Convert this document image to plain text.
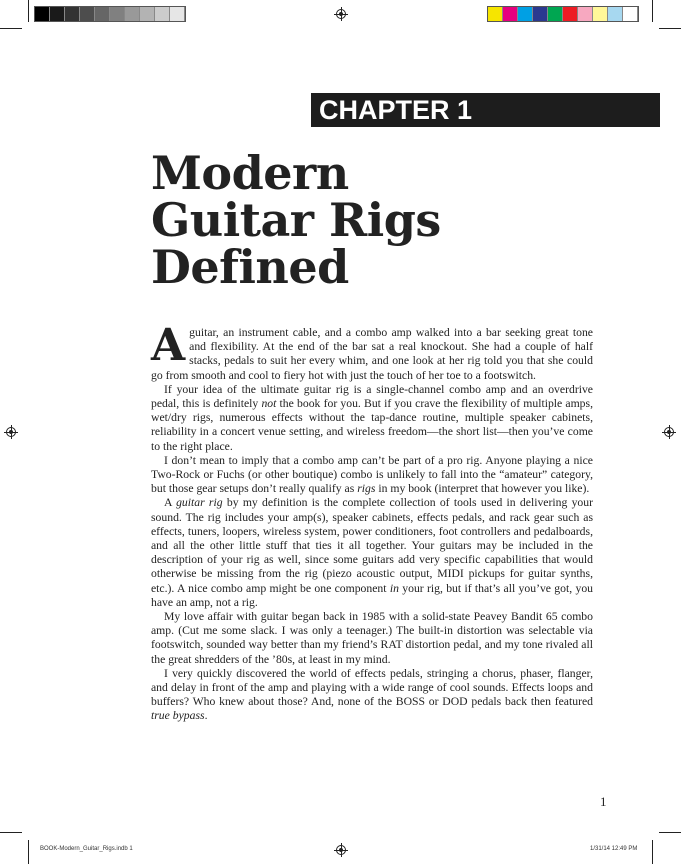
CHAPTER 1
Modern
Guitar Rigs
Defined

A guitar, an instrument cable, and a combo amp walked into a bar seeking great tone and flexibility. At the end of the bar sat a real knockout. She had a couple of half stacks, pedals to suit her every whim, and one look at her rig told you that she could go from smooth and cool to fiery hot with just the touch of her toe to a footswitch.

If your idea of the ultimate guitar rig is a single-channel combo amp and an overdrive pedal, this is definitely not the book for you. But if you crave the flexibility of multiple amps, wet/dry rigs, numerous effects without the tap-dance routine, multiple speaker cabinets, reliability in a concert venue setting, and wireless freedom—the short list—then you’ve come to the right place.

I don’t mean to imply that a combo amp can’t be part of a pro rig. Anyone playing a nice Two-Rock or Fuchs (or other boutique) combo is unlikely to fall into the “amateur” category, but those gear setups don’t really qualify as rigs in my book (interpret that however you like).

A guitar rig by my definition is the complete collection of tools used in delivering your sound. The rig includes your amp(s), speaker cabinets, effects pedals, and rack gear such as effects, tuners, loopers, wireless system, power conditioners, foot controllers and pedalboards, and all the other little stuff that ties it all together. Your guitars may be included in the description of your rig as well, since some guitars add very specific capabilities that would otherwise be missing from the rig (piezo acoustic output, MIDI pickups for guitar synths, etc.). A nice combo amp might be one component in your rig, but if that’s all you’ve got, you have an amp, not a rig.

My love affair with guitar began back in 1985 with a solid-state Peavey Bandit 65 combo amp. (Cut me some slack. I was only a teenager.) The built-in distortion was selectable via footswitch, sounded way better than my friend’s RAT distortion pedal, and my tone rivaled all the great shredders of the ’80s, at least in my mind.

I very quickly discovered the world of effects pedals, stringing a chorus, phaser, flanger, and delay in front of the amp and playing with a wide range of cool sounds. Effects loops and buffers? Who knew about those? And, none of the BOSS or DOD pedals back then featured true bypass.

1
BOOK-Modern_Guitar_Rigs.indb 1	1/31/14 12:49 PM
